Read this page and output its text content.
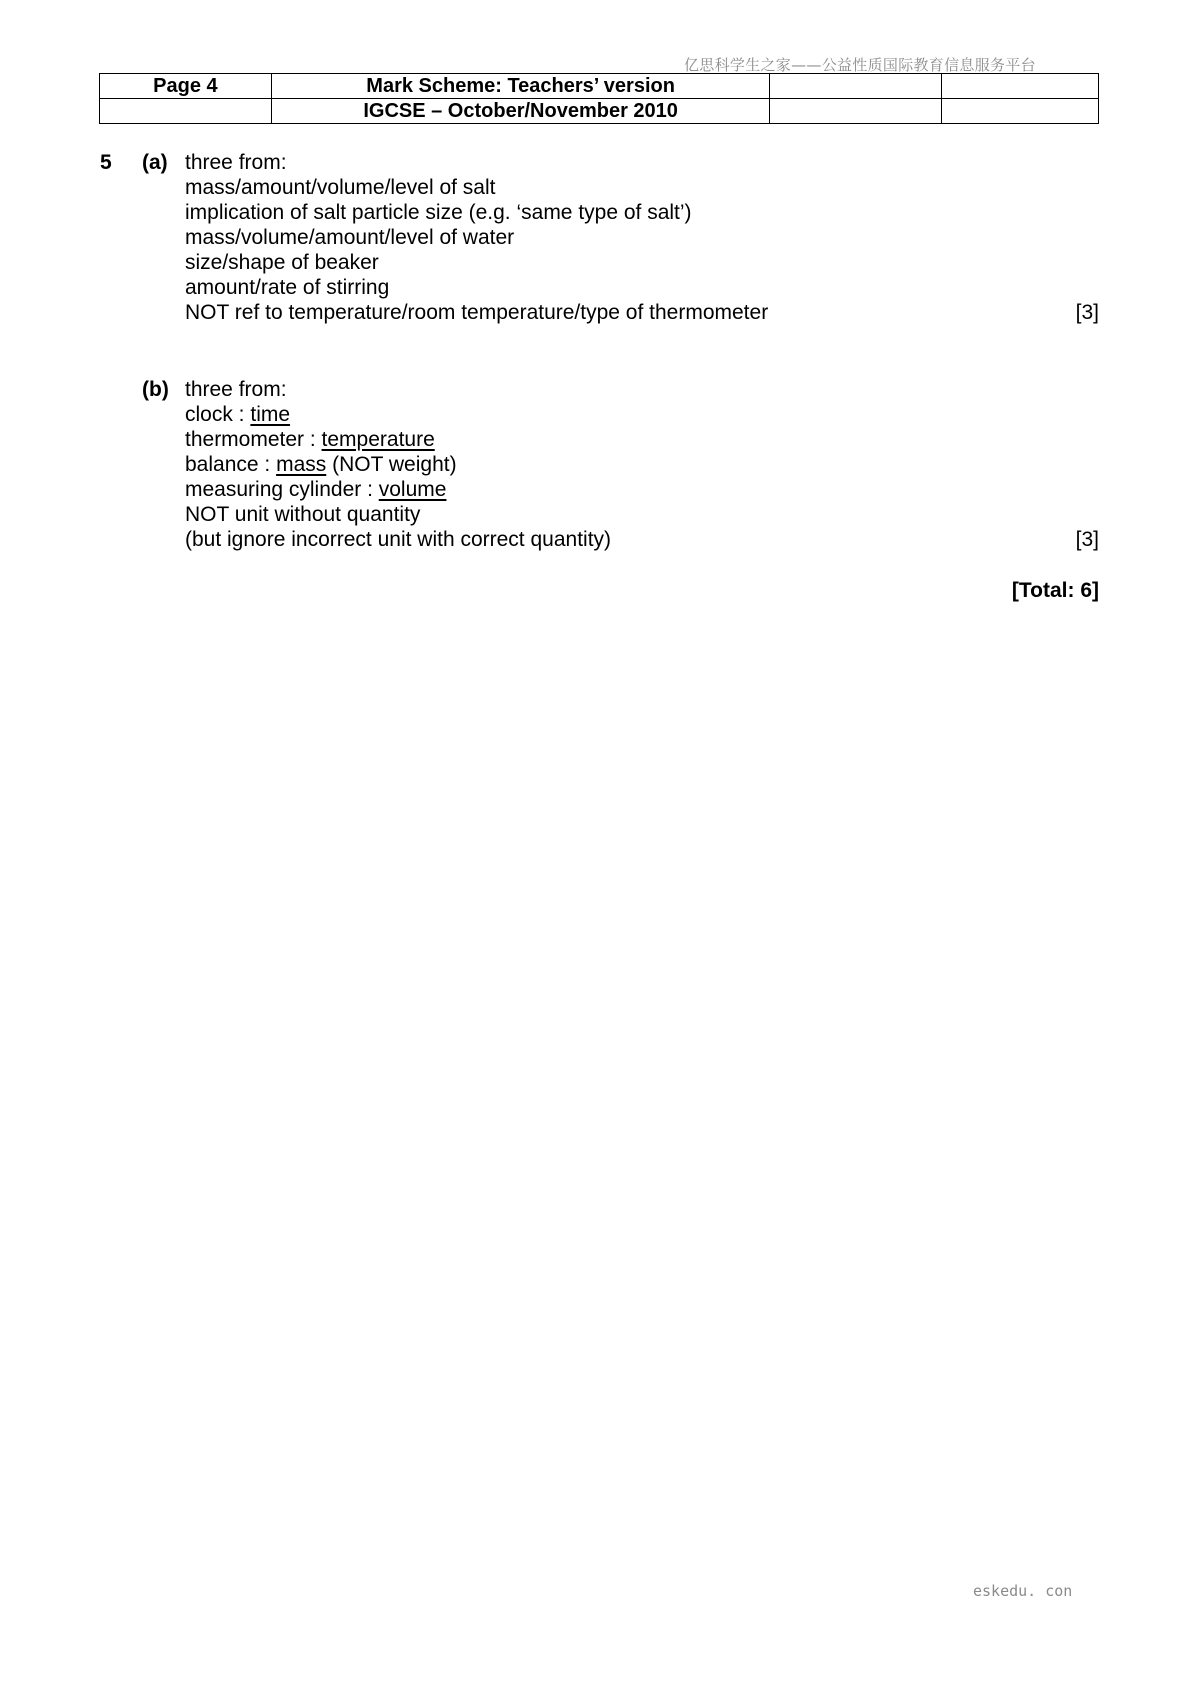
亿思科学生之家——公益性质国际教育信息服务平台
Page 4	Mark Scheme: Teachers’ version		
	IGCSE – October/November 2010		
5 (a) three from:
mass/amount/volume/level of salt
implication of salt particle size (e.g. ‘same type of salt’)
mass/volume/amount/level of water
size/shape of beaker
amount/rate of stirring
NOT ref to temperature/room temperature/type of thermometer	[3]
(b) three from:
clock : time
thermometer : temperature
balance : mass (NOT weight)
measuring cylinder : volume
NOT unit without quantity
(but ignore incorrect unit with correct quantity)	[3]
[Total: 6]
eskedu. con
